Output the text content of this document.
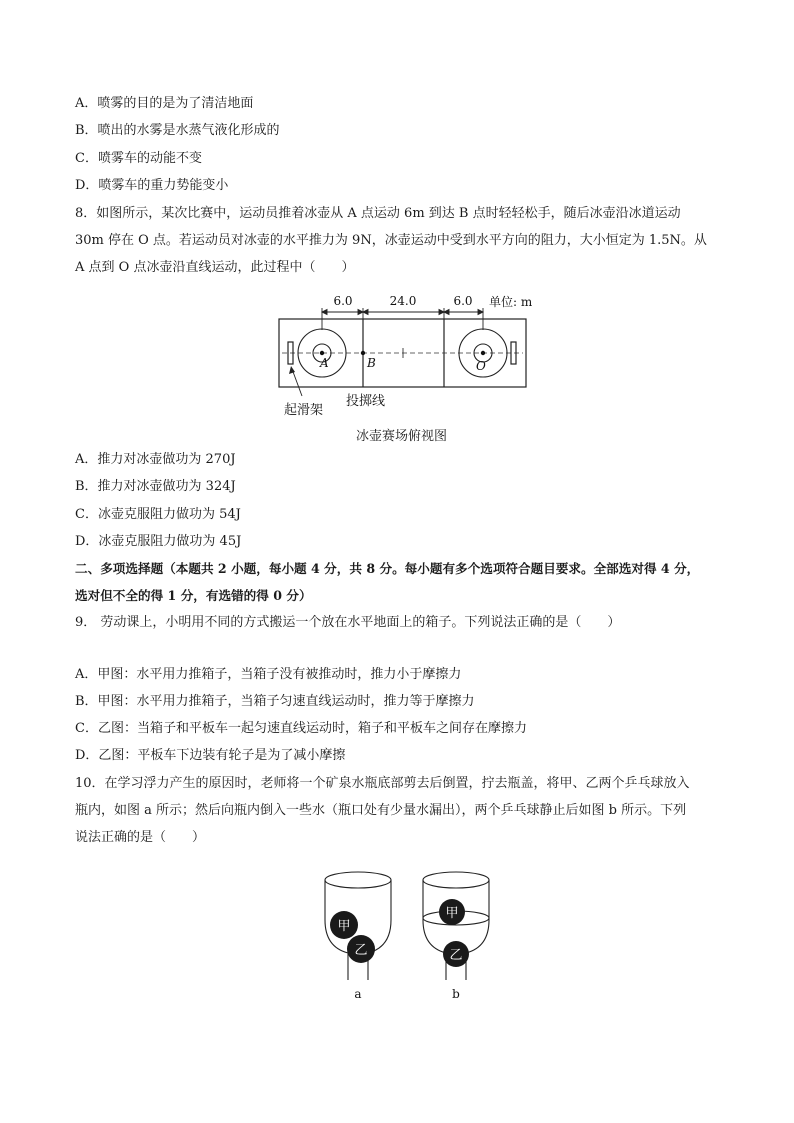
A．喷雾的目的是为了清洁地面
B．喷出的水雾是水蒸气液化形成的
C．喷雾车的动能不变
D．喷雾车的重力势能变小
8．如图所示，某次比赛中，运动员推着冰壶从 A 点运动 6m 到达 B 点时轻轻松手，随后冰壶沿冰道运动
30m 停在 O 点。若运动员对冰壶的水平推力为 9N，冰壶运动中受到水平方向的阻力，大小恒定为 1.5N。从
A 点到 O 点冰壶沿直线运动，此过程中（　　）
6.0	24.0	6.0 单位: m
A	B	O
起滑架
投掷线
冰壶赛场俯视图
A．推力对冰壶做功为 270J
B．推力对冰壶做功为 324J
C．冰壶克服阻力做功为 54J
D．冰壶克服阻力做功为 45J
二、多项选择题（本题共 2 小题，每小题 4 分，共 8 分。每小题有多个选项符合题目要求。全部选对得 4 分，
选对但不全的得 1 分，有选错的得 0 分）
9． 劳动课上，小明用不同的方式搬运一个放在水平地面上的箱子。下列说法正确的是（　　）
A．甲图：水平用力推箱子，当箱子没有被推动时，推力小于摩擦力
B．甲图：水平用力推箱子，当箱子匀速直线运动时，推力等于摩擦力
C．乙图：当箱子和平板车一起匀速直线运动时，箱子和平板车之间存在摩擦力
D．乙图：平板车下边装有轮子是为了减小摩擦
10．在学习浮力产生的原因时，老师将一个矿泉水瓶底部剪去后倒置，拧去瓶盖，将甲、乙两个乒乓球放入
瓶内，如图 a 所示；然后向瓶内倒入一些水（瓶口处有少量水漏出），两个乒乓球静止后如图 b 所示。下列
说法正确的是（　　）
甲
乙
a
甲
乙
b
